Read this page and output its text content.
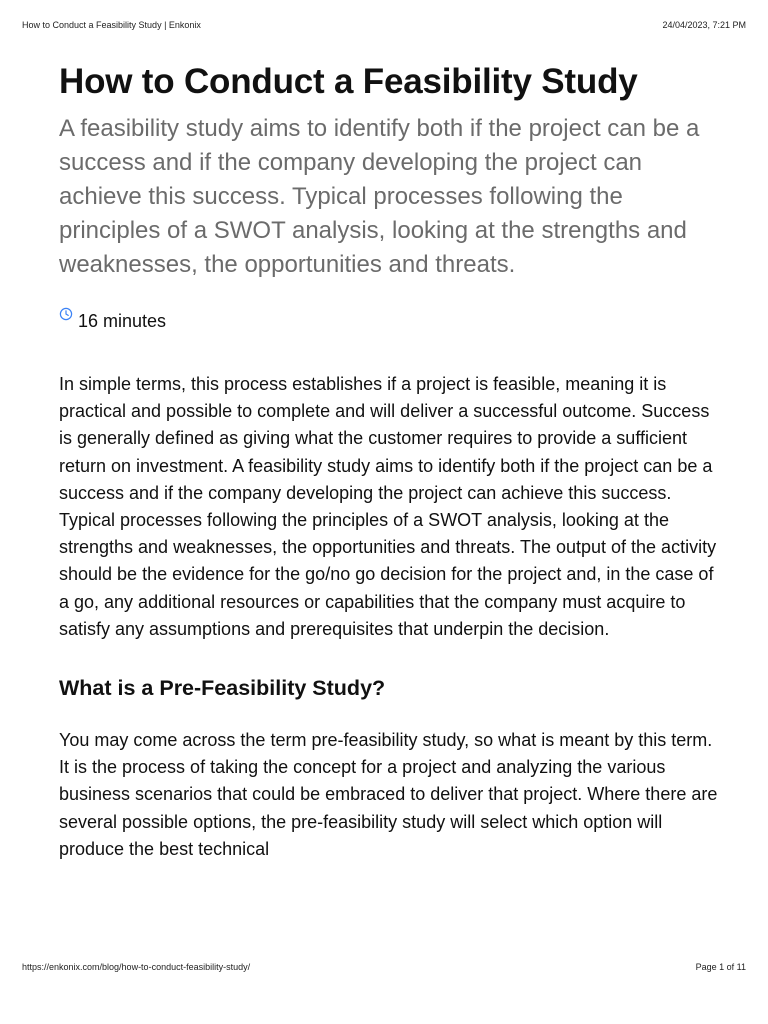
How to Conduct a Feasibility Study | Enkonix	24/04/2023, 7:21 PM
How to Conduct a Feasibility Study

A feasibility study aims to identify both if the project can be a success and if the company developing the project can achieve this success. Typical processes following the principles of a SWOT analysis, looking at the strengths and weaknesses, the opportunities and threats.

16 minutes

In simple terms, this process establishes if a project is feasible, meaning it is practical and possible to complete and will deliver a successful outcome. Success is generally defined as giving what the customer requires to provide a sufficient return on investment. A feasibility study aims to identify both if the project can be a success and if the company developing the project can achieve this success. Typical processes following the principles of a SWOT analysis, looking at the strengths and weaknesses, the opportunities and threats. The output of the activity should be the evidence for the go/no go decision for the project and, in the case of a go, any additional resources or capabilities that the company must acquire to satisfy any assumptions and prerequisites that underpin the decision.

What is a Pre-Feasibility Study?

You may come across the term pre-feasibility study, so what is meant by this term. It is the process of taking the concept for a project and analyzing the various business scenarios that could be embraced to deliver that project. Where there are several possible options, the pre-feasibility study will select which option will produce the best technical

https://enkonix.com/blog/how-to-conduct-feasibility-study/	Page 1 of 11
